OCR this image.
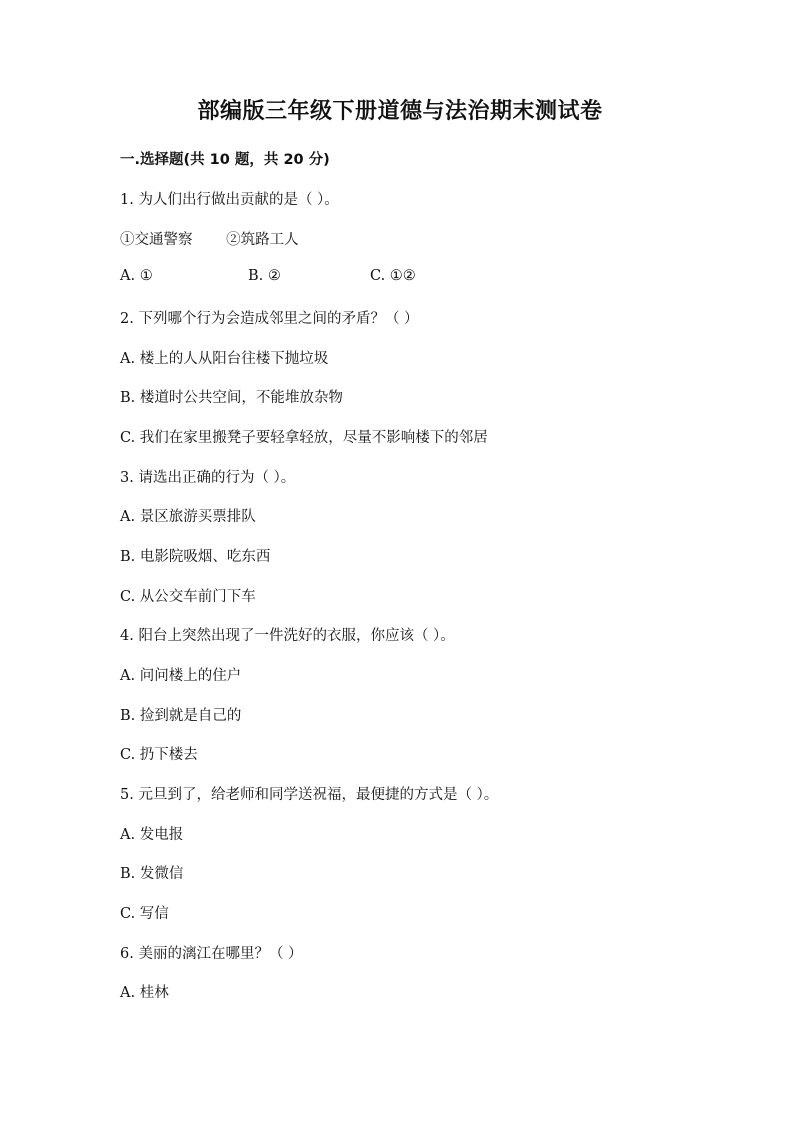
部编版三年级下册道德与法治期末测试卷
一.选择题(共 10 题，共 20 分)
1. 为人们出行做出贡献的是（ ）。
①交通警察　　 ②筑路工人
A. ①	B. ②	C. ①②
2. 下列哪个行为会造成邻里之间的矛盾？（ ）
A. 楼上的人从阳台往楼下抛垃圾
B. 楼道时公共空间，不能堆放杂物
C. 我们在家里搬凳子要轻拿轻放，尽量不影响楼下的邻居
3. 请选出正确的行为（ ）。
A. 景区旅游买票排队
B. 电影院吸烟、吃东西
C. 从公交车前门下车
4. 阳台上突然出现了一件洗好的衣服，你应该（ ）。
A. 问问楼上的住户
B. 捡到就是自己的
C. 扔下楼去
5. 元旦到了，给老师和同学送祝福，最便捷的方式是（ ）。
A. 发电报
B. 发微信
C. 写信
6. 美丽的漓江在哪里？（ ）
A. 桂林
